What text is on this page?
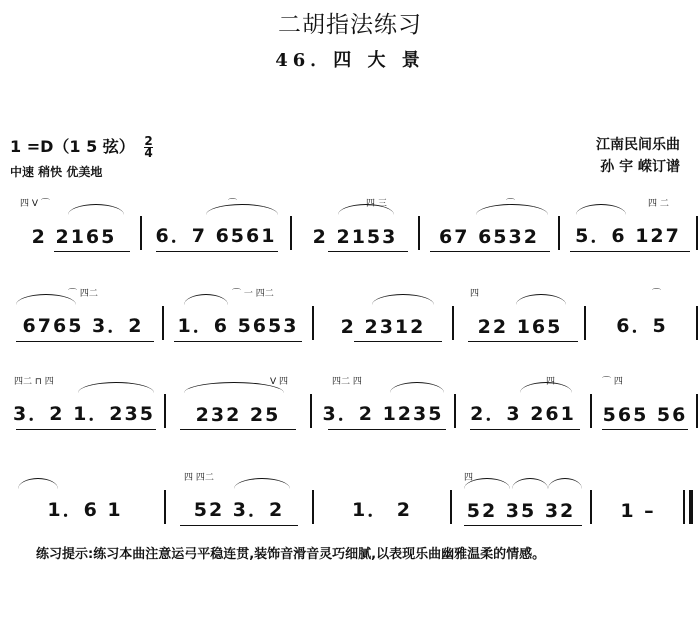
二胡指法练习
46．四 大 景
1 =D（1 5 弦） $\frac{2}{4}$
中速 稍快 优美地
江南民间乐曲
孙 宇 嵘订谱
四 V ⌒
2 2165
⌒
6．7 6561
四 三
2 2153
⌒
67 6532
四 二
5．6 127
⌒ 四二
6765 3．2
⌒ 一 四二
1．6 5653	2 2312
四
22 165
⌒
6．5
四二 ⊓ 四
3．2 1．235
V 四
232 25
四二 四
3．2 1235
四
2．3 261
⌒ 四
565 56
1．6 1
四 四二
52 3．2	1． 2
四
52 35 32	1 –
练习提示:练习本曲注意运弓平稳连贯,装饰音滑音灵巧细腻,以表现乐曲幽雅温柔的情感。
